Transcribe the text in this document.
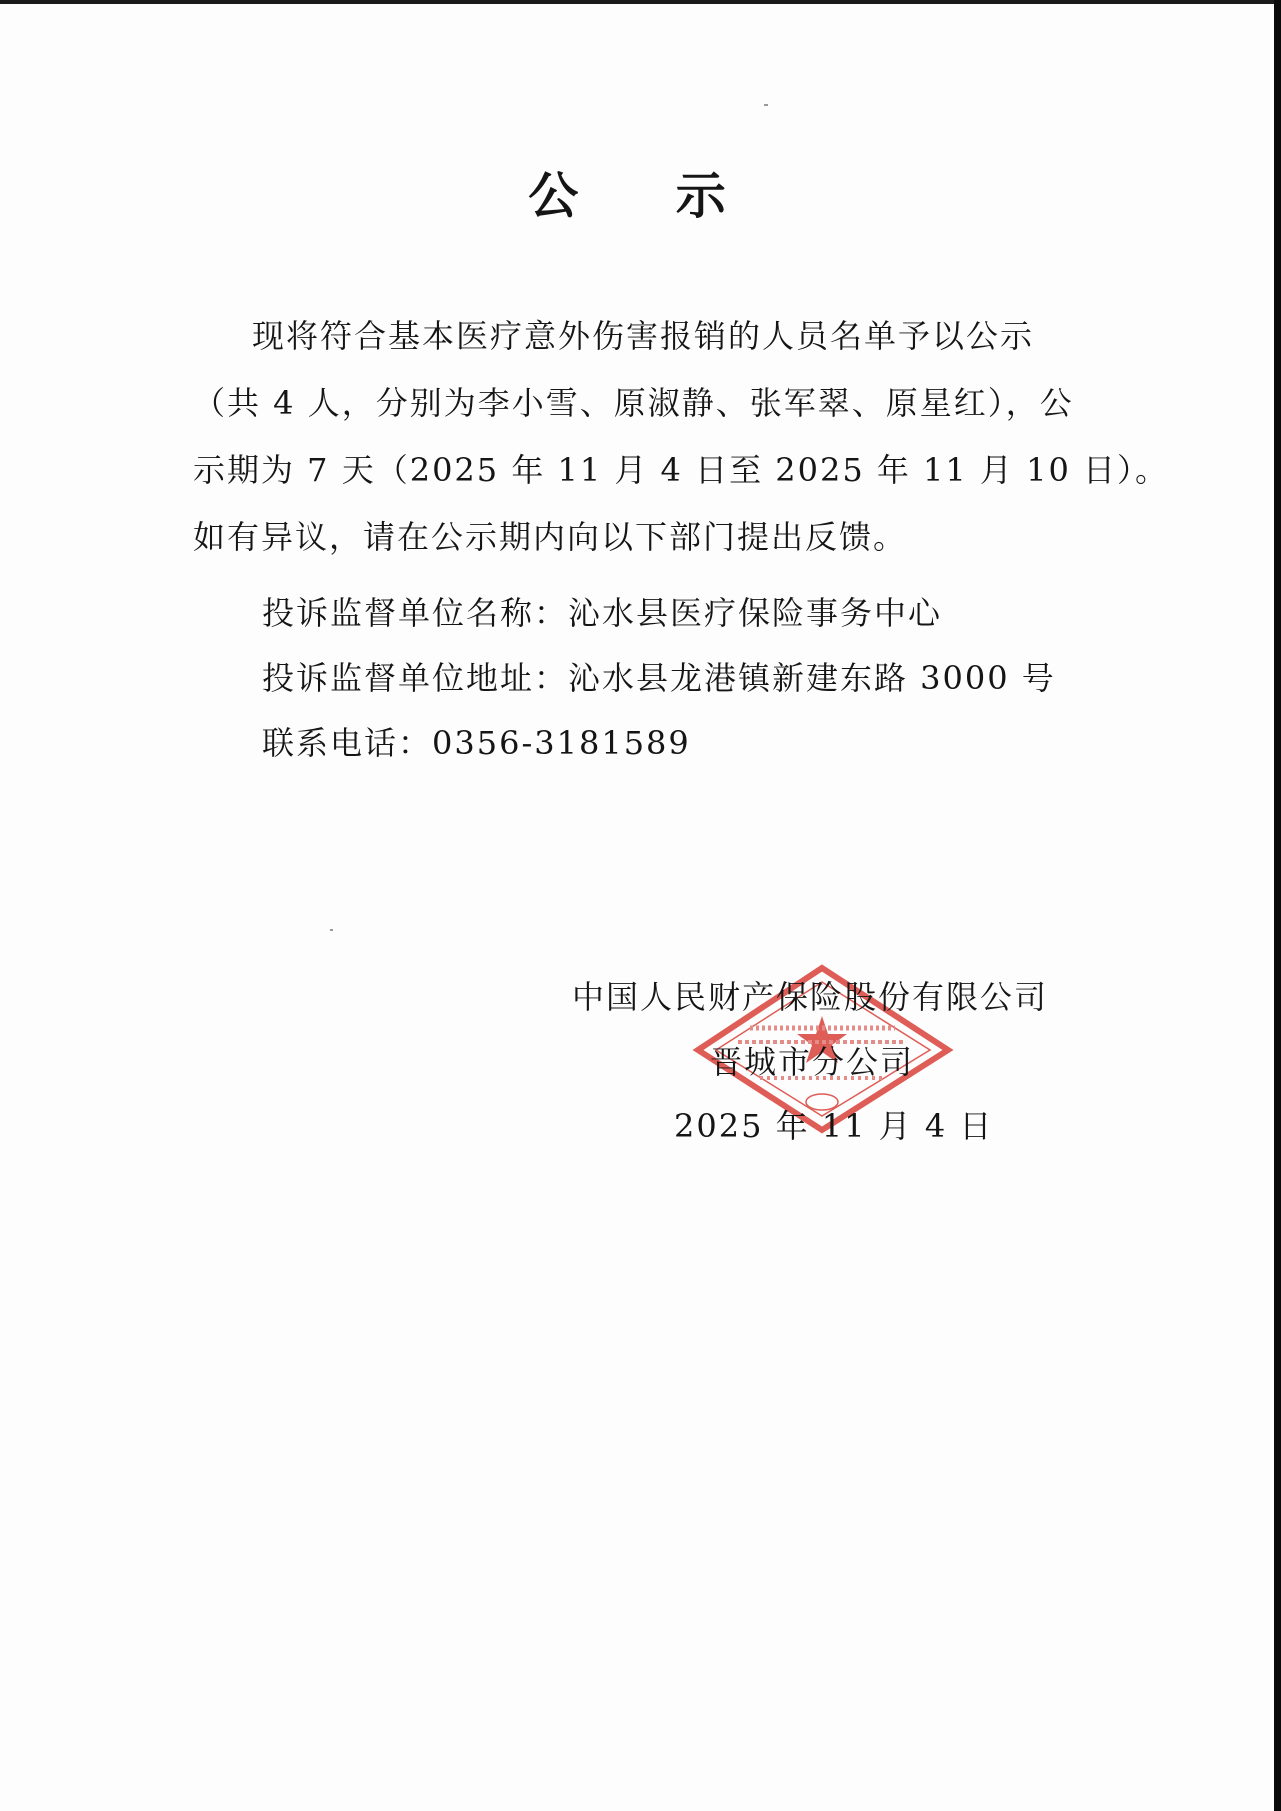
公 示
现将符合基本医疗意外伤害报销的人员名单予以公示
（共 4 人，分别为李小雪、原淑静、张军翠、原星红），公
示期为 7 天（2025 年 11 月 4 日至 2025 年 11 月 10 日）。
如有异议，请在公示期内向以下部门提出反馈。
投诉监督单位名称：沁水县医疗保险事务中心
投诉监督单位地址：沁水县龙港镇新建东路 3000 号
联系电话：0356-3181589
中国人民财产保险股份有限公司
晋城市分公司
2025 年 11 月 4 日
